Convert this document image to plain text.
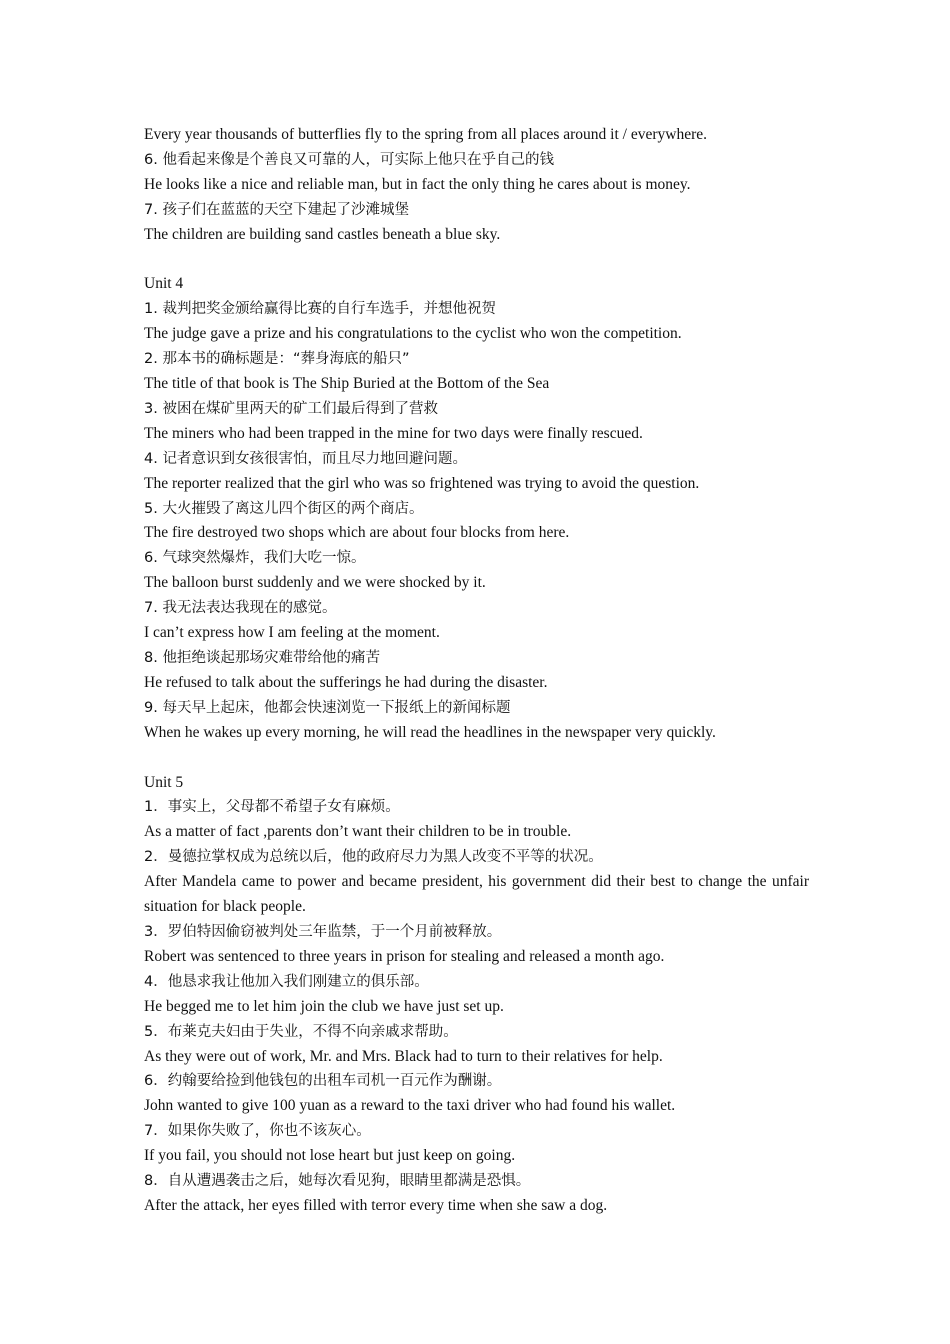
Every year thousands of butterflies fly to the spring from all places around it / everywhere.

6. 他看起来像是个善良又可靠的人，可实际上他只在乎自己的钱

He looks like a nice and reliable man, but in fact the only thing he cares about is money.

7. 孩子们在蓝蓝的天空下建起了沙滩城堡

The children are building sand castles beneath a blue sky.

Unit 4

1. 裁判把奖金颁给赢得比赛的自行车选手，并想他祝贺

The judge gave a prize and his congratulations to the cyclist who won the competition.

2. 那本书的确标题是：“葬身海底的船只”

The title of that book is The Ship Buried at the Bottom of the Sea

3. 被困在煤矿里两天的矿工们最后得到了营救

The miners who had been trapped in the mine for two days were finally rescued.

4. 记者意识到女孩很害怕，而且尽力地回避问题。

The reporter realized that the girl who was so frightened was trying to avoid the question.

5. 大火摧毁了离这儿四个街区的两个商店。

The fire destroyed two shops which are about four blocks from here.

6. 气球突然爆炸，我们大吃一惊。

The balloon burst suddenly and we were shocked by it.

7. 我无法表达我现在的感觉。

I can’t express how I am feeling at the moment.

8. 他拒绝谈起那场灾难带给他的痛苦

He refused to talk about the sufferings he had during the disaster.

9. 每天早上起床，他都会快速浏览一下报纸上的新闻标题

When he wakes up every morning, he will read the headlines in the newspaper very quickly.

Unit 5

1．事实上，父母都不希望子女有麻烦。

As a matter of fact ,parents don’t want their children to be in trouble.

2．曼德拉掌权成为总统以后，他的政府尽力为黑人改变不平等的状况。

After Mandela came to power and became president, his government did their best to change the unfair situation for black people.

3．罗伯特因偷窃被判处三年监禁，于一个月前被释放。

Robert was sentenced to three years in prison for stealing and released a month ago.

4．他恳求我让他加入我们刚建立的俱乐部。

He begged me to let him join the club we have just set up.

5．布莱克夫妇由于失业，不得不向亲戚求帮助。

As they were out of work, Mr. and Mrs. Black had to turn to their relatives for help.

6．约翰要给捡到他钱包的出租车司机一百元作为酬谢。

John wanted to give 100 yuan as a reward to the taxi driver who had found his wallet.

7．如果你失败了，你也不该灰心。

If you fail, you should not lose heart but just keep on going.

8．自从遭遇袭击之后，她每次看见狗，眼睛里都满是恐惧。

After the attack, her eyes filled with terror every time when she saw a dog.
